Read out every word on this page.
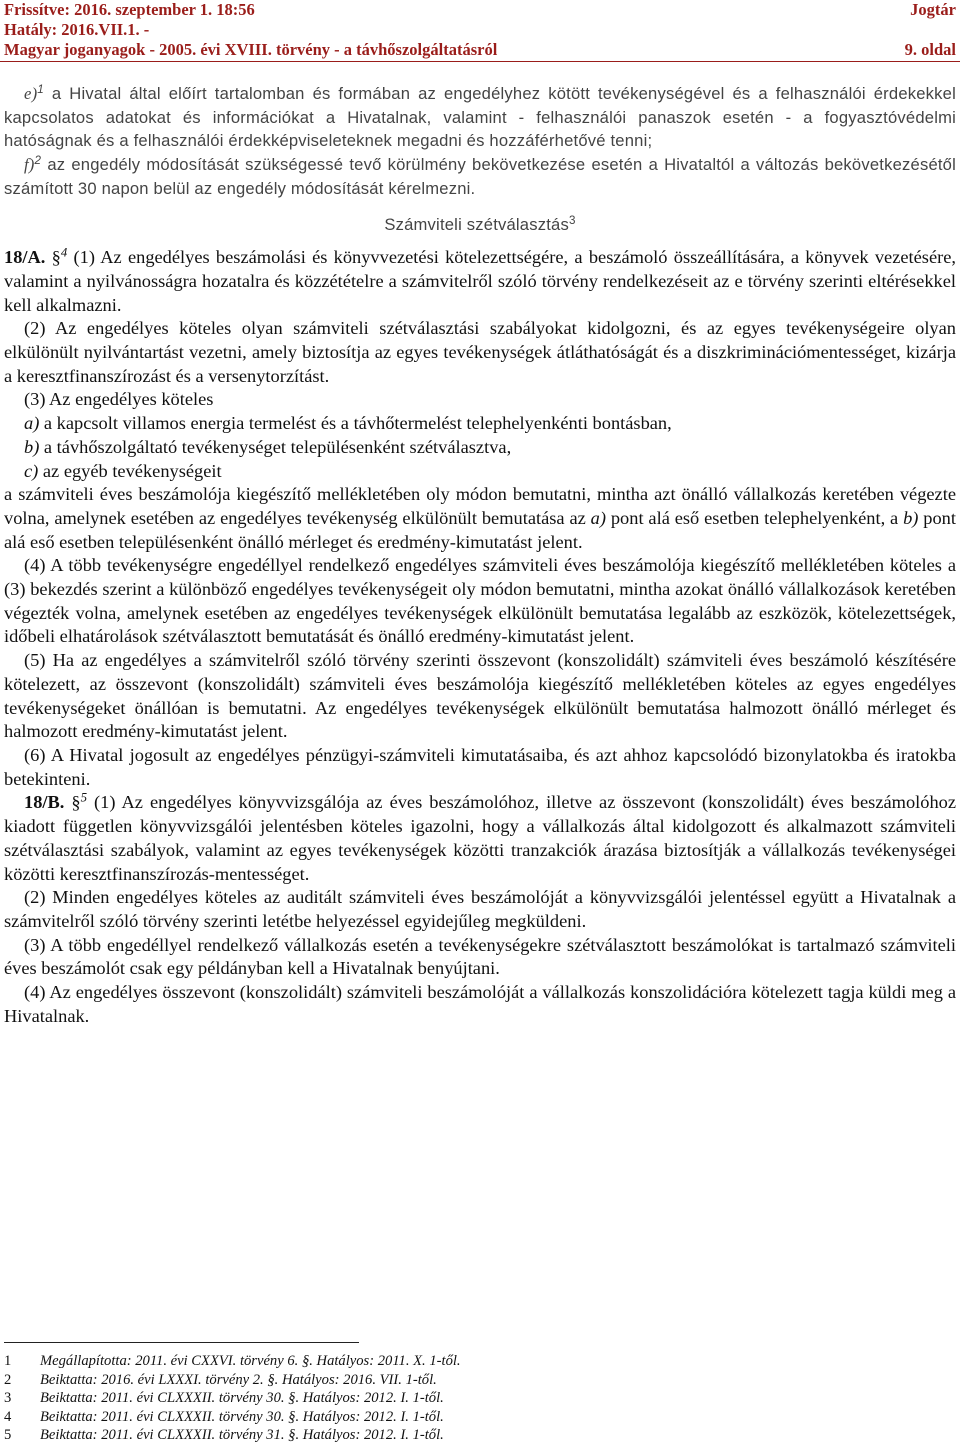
Frissítve: 2016. szeptember 1. 18:56	Jogtár
Hatály: 2016.VII.1. -
Magyar joganyagok - 2005. évi XVIII. törvény - a távhőszolgáltatásról	9. oldal

e)$^1$ a Hivatal által előírt tartalomban és formában az engedélyhez kötött tevékenységével és a felhasználói érdekekkel kapcsolatos adatokat és információkat a Hivatalnak, valamint - felhasználói panaszok esetén - a fogyasztóvédelmi hatóságnak és a felhasználói érdekképviseleteknek megadni és hozzáférhetővé tenni;

f)$^2$ az engedély módosítását szükségessé tevő körülmény bekövetkezése esetén a Hivataltól a változás bekövetkezésétől számított 30 napon belül az engedély módosítását kérelmezni.

Számviteli szétválasztás$^3$

18/A. §$^4$ (1) Az engedélyes beszámolási és könyvvezetési kötelezettségére, a beszámoló összeállítására, a könyvek vezetésére, valamint a nyilvánosságra hozatalra és közzétételre a számvitelről szóló törvény rendelkezéseit az e törvény szerinti eltérésekkel kell alkalmazni.

(2) Az engedélyes köteles olyan számviteli szétválasztási szabályokat kidolgozni, és az egyes tevékenységeire olyan elkülönült nyilvántartást vezetni, amely biztosítja az egyes tevékenységek átláthatóságát és a diszkriminációmentességet, kizárja a keresztfinanszírozást és a versenytorzítást.

(3) Az engedélyes köteles

a) a kapcsolt villamos energia termelést és a távhőtermelést telephelyenkénti bontásban,

b) a távhőszolgáltató tevékenységet településenként szétválasztva,

c) az egyéb tevékenységeit

a számviteli éves beszámolója kiegészítő mellékletében oly módon bemutatni, mintha azt önálló vállalkozás keretében végezte volna, amelynek esetében az engedélyes tevékenység elkülönült bemutatása az a) pont alá eső esetben telephelyenként, a b) pont alá eső esetben településenként önálló mérleget és eredmény-kimutatást jelent.

(4) A több tevékenységre engedéllyel rendelkező engedélyes számviteli éves beszámolója kiegészítő mellékletében köteles a (3) bekezdés szerint a különböző engedélyes tevékenységeit oly módon bemutatni, mintha azokat önálló vállalkozások keretében végezték volna, amelynek esetében az engedélyes tevékenységek elkülönült bemutatása legalább az eszközök, kötelezettségek, időbeli elhatárolások szétválasztott bemutatását és önálló eredmény-kimutatást jelent.

(5) Ha az engedélyes a számvitelről szóló törvény szerinti összevont (konszolidált) számviteli éves beszámoló készítésére kötelezett, az összevont (konszolidált) számviteli éves beszámolója kiegészítő mellékletében köteles az egyes engedélyes tevékenységeket önállóan is bemutatni. Az engedélyes tevékenységek elkülönült bemutatása halmozott önálló mérleget és halmozott eredmény-kimutatást jelent.

(6) A Hivatal jogosult az engedélyes pénzügyi-számviteli kimutatásaiba, és azt ahhoz kapcsolódó bizonylatokba és iratokba betekinteni.

18/B. §$^5$ (1) Az engedélyes könyvvizsgálója az éves beszámolóhoz, illetve az összevont (konszolidált) éves beszámolóhoz kiadott független könyvvizsgálói jelentésben köteles igazolni, hogy a vállalkozás által kidolgozott és alkalmazott számviteli szétválasztási szabályok, valamint az egyes tevékenységek közötti tranzakciók árazása biztosítják a vállalkozás tevékenységei közötti keresztfinanszírozás-mentességet.

(2) Minden engedélyes köteles az auditált számviteli éves beszámolóját a könyvvizsgálói jelentéssel együtt a Hivatalnak a számvitelről szóló törvény szerinti letétbe helyezéssel egyidejűleg megküldeni.

(3) A több engedéllyel rendelkező vállalkozás esetén a tevékenységekre szétválasztott beszámolókat is tartalmazó számviteli éves beszámolót csak egy példányban kell a Hivatalnak benyújtani.

(4) Az engedélyes összevont (konszolidált) számviteli beszámolóját a vállalkozás konszolidációra kötelezett tagja küldi meg a Hivatalnak.

1	Megállapította: 2011. évi CXXVI. törvény 6. §. Hatályos: 2011. X. 1-től.
2	Beiktatta: 2016. évi LXXXI. törvény 2. §. Hatályos: 2016. VII. 1-től.
3	Beiktatta: 2011. évi CLXXXII. törvény 30. §. Hatályos: 2012. I. 1-től.
4	Beiktatta: 2011. évi CLXXXII. törvény 30. §. Hatályos: 2012. I. 1-től.
5	Beiktatta: 2011. évi CLXXXII. törvény 31. §. Hatályos: 2012. I. 1-től.
